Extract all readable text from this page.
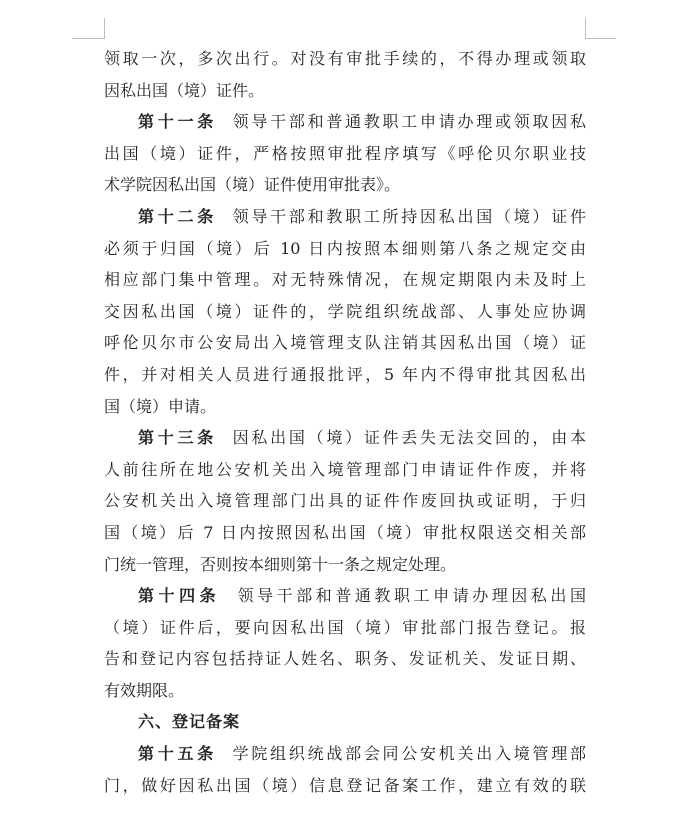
领取一次，多次出行。对没有审批手续的，不得办理或领取
因私出国（境）证件。
第十一条  领导干部和普通教职工申请办理或领取因私
出国（境）证件，严格按照审批程序填写《呼伦贝尔职业技
术学院因私出国（境）证件使用审批表》。
第十二条  领导干部和教职工所持因私出国（境）证件
必须于归国（境）后 10 日内按照本细则第八条之规定交由
相应部门集中管理。对无特殊情况，在规定期限内未及时上
交因私出国（境）证件的，学院组织统战部、人事处应协调
呼伦贝尔市公安局出入境管理支队注销其因私出国（境）证
件，并对相关人员进行通报批评，5 年内不得审批其因私出
国（境）申请。
第十三条  因私出国（境）证件丢失无法交回的，由本
人前往所在地公安机关出入境管理部门申请证件作废，并将
公安机关出入境管理部门出具的证件作废回执或证明，于归
国（境）后 7 日内按照因私出国（境）审批权限送交相关部
门统一管理，否则按本细则第十一条之规定处理。
第十四条  领导干部和普通教职工申请办理因私出国
（境）证件后，要向因私出国（境）审批部门报告登记。报
告和登记内容包括持证人姓名、职务、发证机关、发证日期、
有效期限。
六、登记备案
第十五条  学院组织统战部会同公安机关出入境管理部
门，做好因私出国（境）信息登记备案工作，建立有效的联
